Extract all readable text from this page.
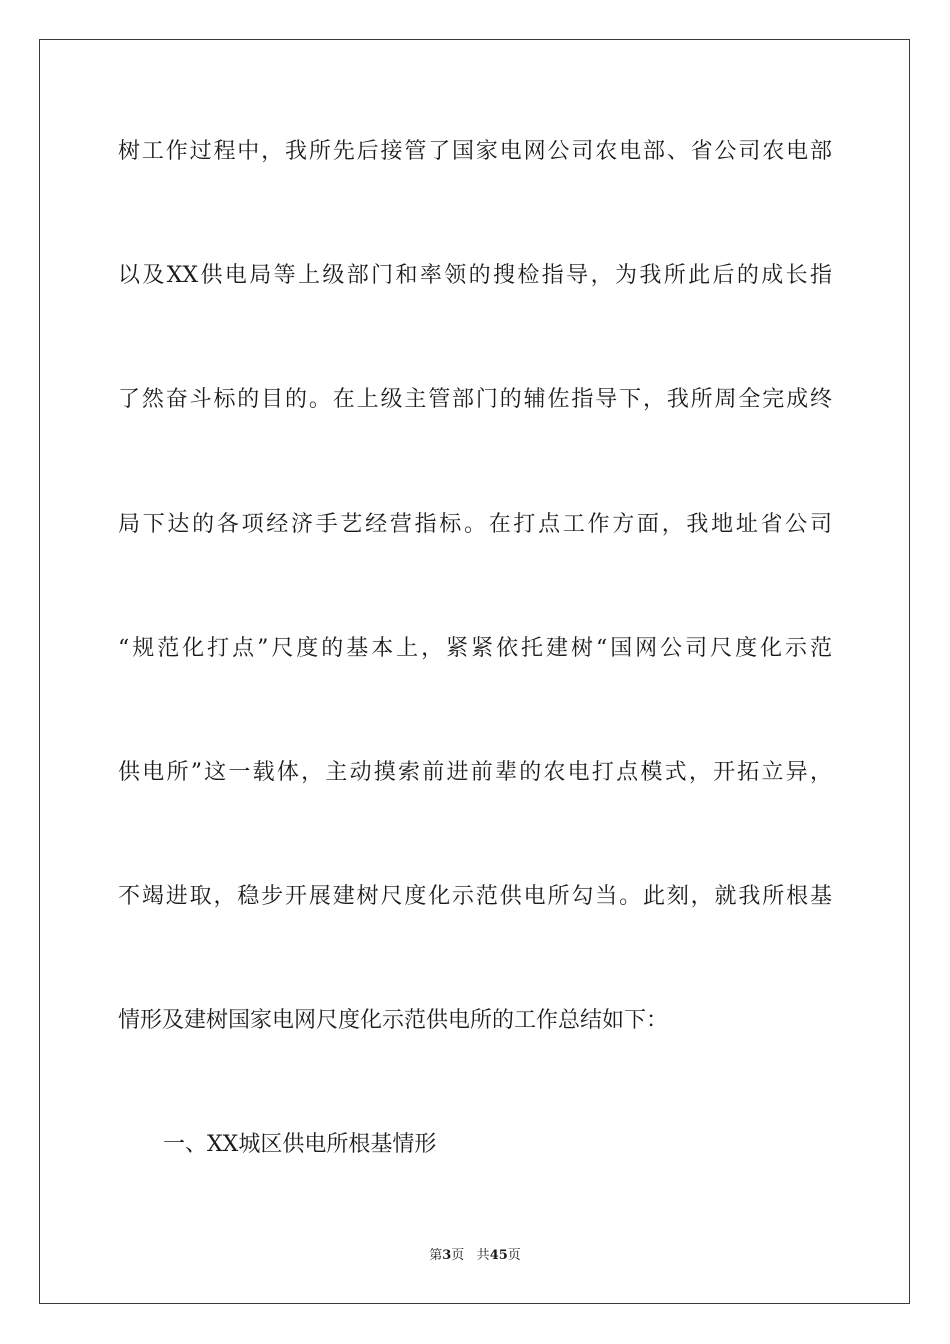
树工作过程中，我所先后接管了国家电网公司农电部、省公司农电部
以及XX供电局等上级部门和率领的搜检指导，为我所此后的成长指
了然奋斗标的目的。在上级主管部门的辅佐指导下，我所周全完成终
局下达的各项经济手艺经营指标。在打点工作方面，我地址省公司
“规范化打点”尺度的基本上，紧紧依托建树“国网公司尺度化示范
供电所”这一载体，主动摸索前进前辈的农电打点模式，开拓立异，
不竭进取，稳步开展建树尺度化示范供电所勾当。此刻，就我所根基
情形及建树国家电网尺度化示范供电所的工作总结如下：
一、XX城区供电所根基情形
第3页 共45页
